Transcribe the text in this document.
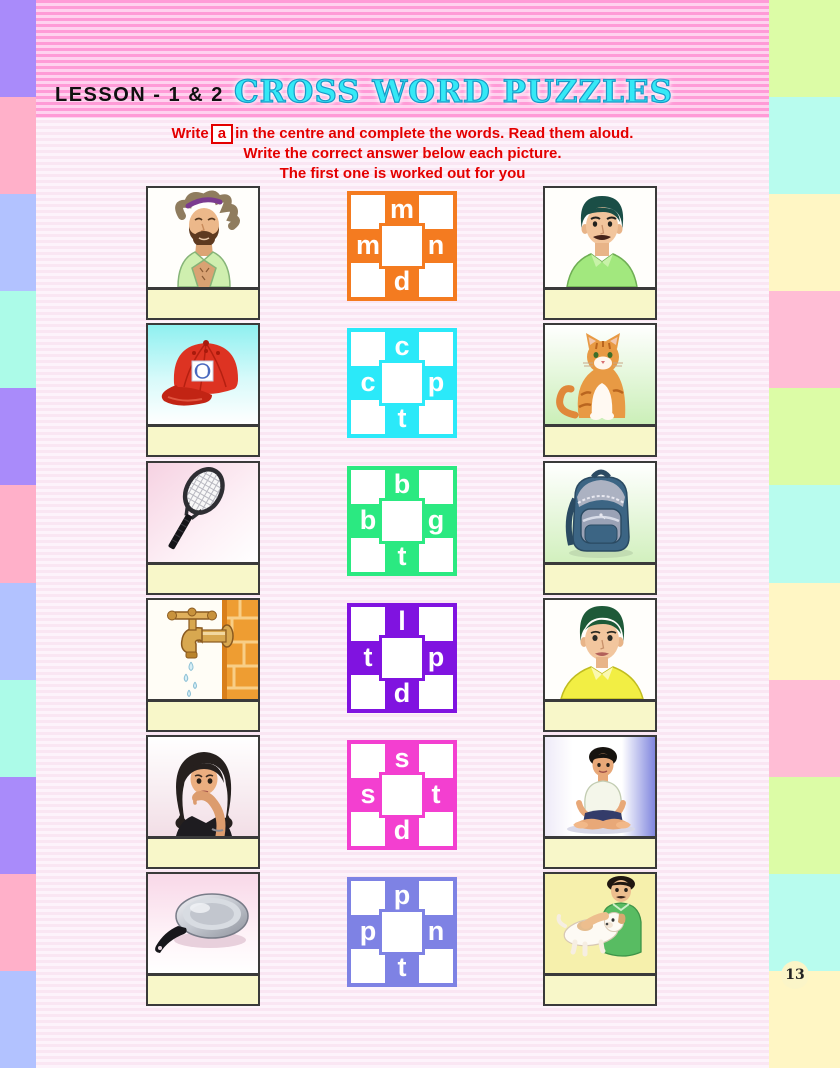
LESSON - 1 & 2 CROSS WORD PUZZLES
Write a in the centre and complete the words. Read them aloud.
Write the correct answer below each picture.
The first one is worked out for you
m
m	n
d
c
c	p
t
b
b	g
t
l
t	p
d
s
s	t
d
p
p	n
t	13
